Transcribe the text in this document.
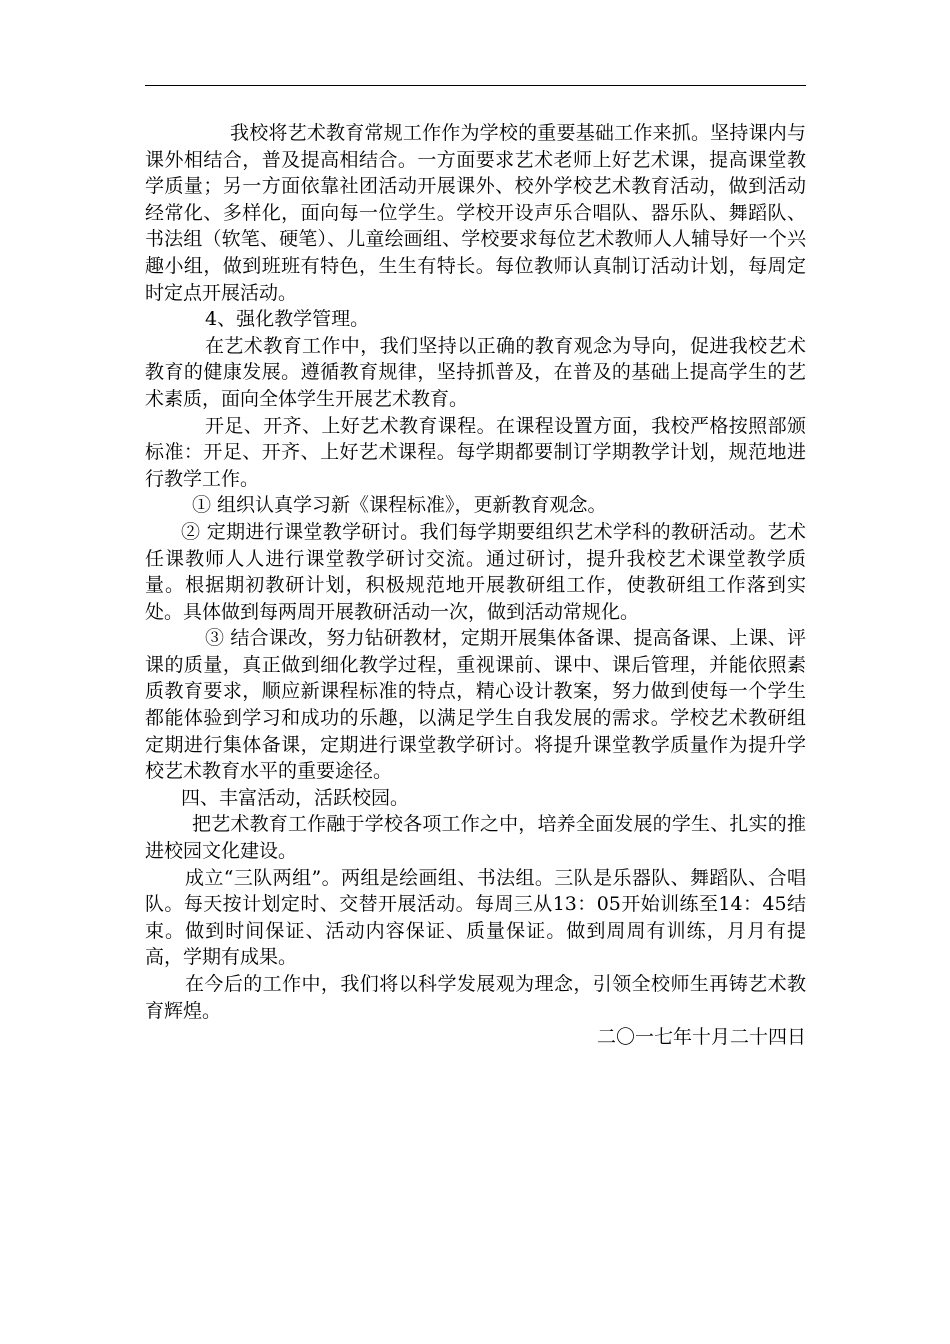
我校将艺术教育常规工作作为学校的重要基础工作来抓。坚持课内与课外相结合，普及提高相结合。一方面要求艺术老师上好艺术课，提高课堂教学质量；另一方面依靠社团活动开展课外、校外学校艺术教育活动，做到活动经常化、多样化，面向每一位学生。学校开设声乐合唱队、器乐队、舞蹈队、书法组（软笔、硬笔）、儿童绘画组、学校要求每位艺术教师人人辅导好一个兴趣小组，做到班班有特色，生生有特长。每位教师认真制订活动计划，每周定时定点开展活动。

4、强化教学管理。

在艺术教育工作中，我们坚持以正确的教育观念为导向，促进我校艺术教育的健康发展。遵循教育规律，坚持抓普及，在普及的基础上提高学生的艺术素质，面向全体学生开展艺术教育。

开足、开齐、上好艺术教育课程。在课程设置方面，我校严格按照部颁标准：开足、开齐、上好艺术课程。每学期都要制订学期教学计划，规范地进行教学工作。

① 组织认真学习新《课程标准》，更新教育观念。

② 定期进行课堂教学研讨。我们每学期要组织艺术学科的教研活动。艺术任课教师人人进行课堂教学研讨交流。通过研讨，提升我校艺术课堂教学质量。根据期初教研计划，积极规范地开展教研组工作，使教研组工作落到实处。具体做到每两周开展教研活动一次，做到活动常规化。

③ 结合课改，努力钻研教材，定期开展集体备课、提高备课、上课、评课的质量，真正做到细化教学过程，重视课前、课中、课后管理，并能依照素质教育要求，顺应新课程标准的特点，精心设计教案，努力做到使每一个学生都能体验到学习和成功的乐趣，以满足学生自我发展的需求。学校艺术教研组定期进行集体备课，定期进行课堂教学研讨。将提升课堂教学质量作为提升学校艺术教育水平的重要途径。

四、丰富活动，活跃校园。

把艺术教育工作融于学校各项工作之中，培养全面发展的学生、扎实的推进校园文化建设。

成立“三队两组”。两组是绘画组、书法组。三队是乐器队、舞蹈队、合唱队。每天按计划定时、交替开展活动。每周三从13：05开始训练至14：45结束。做到时间保证、活动内容保证、质量保证。做到周周有训练，月月有提高，学期有成果。

在今后的工作中，我们将以科学发展观为理念，引领全校师生再铸艺术教育辉煌。

二〇一七年十月二十四日
